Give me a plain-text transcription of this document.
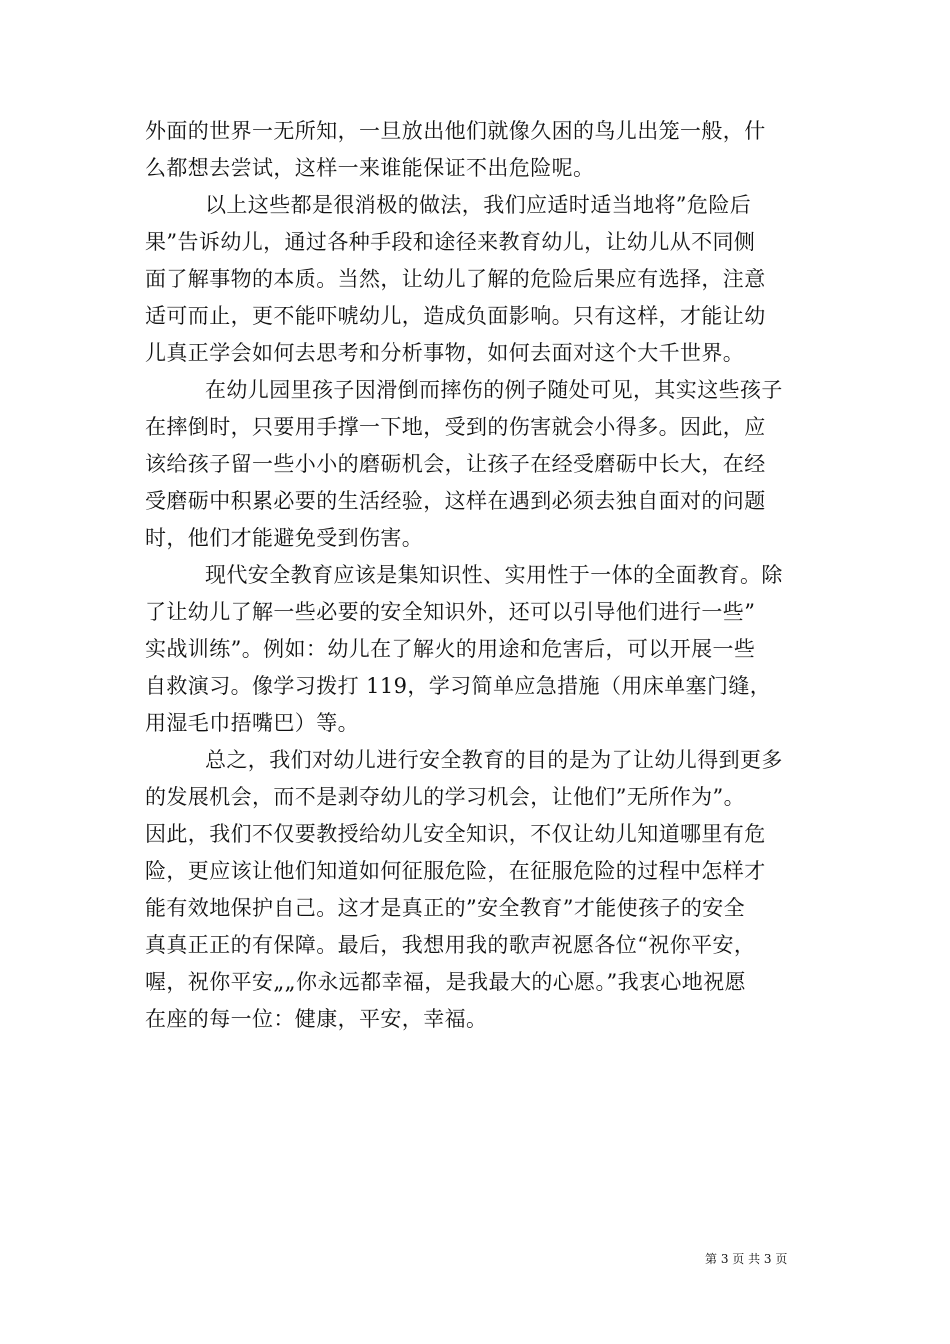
外面的世界一无所知，一旦放出他们就像久困的鸟儿出笼一般，什
么都想去尝试，这样一来谁能保证不出危险呢。
以上这些都是很消极的做法，我们应适时适当地将”危险后
果”告诉幼儿，通过各种手段和途径来教育幼儿，让幼儿从不同侧
面了解事物的本质。当然，让幼儿了解的危险后果应有选择，注意
适可而止，更不能吓唬幼儿，造成负面影响。只有这样，才能让幼
儿真正学会如何去思考和分析事物，如何去面对这个大千世界。
在幼儿园里孩子因滑倒而摔伤的例子随处可见，其实这些孩子
在摔倒时，只要用手撑一下地，受到的伤害就会小得多。因此，应
该给孩子留一些小小的磨砺机会，让孩子在经受磨砺中长大，在经
受磨砺中积累必要的生活经验，这样在遇到必须去独自面对的问题
时，他们才能避免受到伤害。
现代安全教育应该是集知识性、实用性于一体的全面教育。除
了让幼儿了解一些必要的安全知识外，还可以引导他们进行一些”
实战训练”。例如：幼儿在了解火的用途和危害后，可以开展一些
自救演习。像学习拨打 119，学习简单应急措施（用床单塞门缝，
用湿毛巾捂嘴巴）等。
总之，我们对幼儿进行安全教育的目的是为了让幼儿得到更多
的发展机会，而不是剥夺幼儿的学习机会，让他们”无所作为”。
因此，我们不仅要教授给幼儿安全知识，不仅让幼儿知道哪里有危
险，更应该让他们知道如何征服危险，在征服危险的过程中怎样才
能有效地保护自己。这才是真正的”安全教育”才能使孩子的安全
真真正正的有保障。最后，我想用我的歌声祝愿各位“祝你平安，
喔，祝你平安„„你永远都幸福，是我最大的心愿。”我衷心地祝愿
在座的每一位：健康，平安，幸福。
第 3 页 共 3 页
